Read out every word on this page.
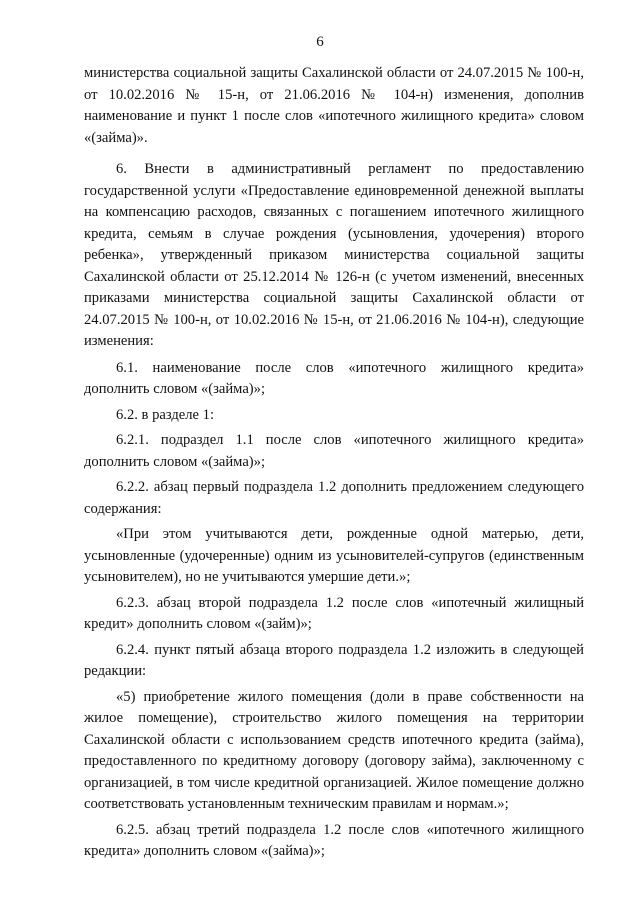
6

министерства социальной защиты Сахалинской области от 24.07.2015 № 100-н, от 10.02.2016 № 15-н, от 21.06.2016 № 104-н) изменения, дополнив наименование и пункт 1 после слов «ипотечного жилищного кредита» словом «(займа)».

6. Внести в административный регламент по предоставлению государственной услуги «Предоставление единовременной денежной выплаты на компенсацию расходов, связанных с погашением ипотечного жилищного кредита, семьям в случае рождения (усыновления, удочерения) второго ребенка», утвержденный приказом министерства социальной защиты Сахалинской области от 25.12.2014 № 126-н (с учетом изменений, внесенных приказами министерства социальной защиты Сахалинской области от 24.07.2015 № 100-н, от 10.02.2016 № 15-н, от 21.06.2016 № 104-н), следующие изменения:

6.1. наименование после слов «ипотечного жилищного кредита» дополнить словом «(займа)»;

6.2. в разделе 1:

6.2.1. подраздел 1.1 после слов «ипотечного жилищного кредита» дополнить словом «(займа)»;

6.2.2. абзац первый подраздела 1.2 дополнить предложением следующего содержания:

«При этом учитываются дети, рожденные одной матерью, дети, усыновленные (удочеренные) одним из усыновителей-супругов (единственным усыновителем), но не учитываются умершие дети.»;

6.2.3. абзац второй подраздела 1.2 после слов «ипотечный жилищный кредит» дополнить словом «(займ)»;

6.2.4. пункт пятый абзаца второго подраздела 1.2 изложить в следующей редакции:

«5) приобретение жилого помещения (доли в праве собственности на жилое помещение), строительство жилого помещения на территории Сахалинской области с использованием средств ипотечного кредита (займа), предоставленного по кредитному договору (договору займа), заключенному с организацией, в том числе кредитной организацией. Жилое помещение должно соответствовать установленным техническим правилам и нормам.»;

6.2.5. абзац третий подраздела 1.2 после слов «ипотечного жилищного кредита» дополнить словом «(займа)»;
